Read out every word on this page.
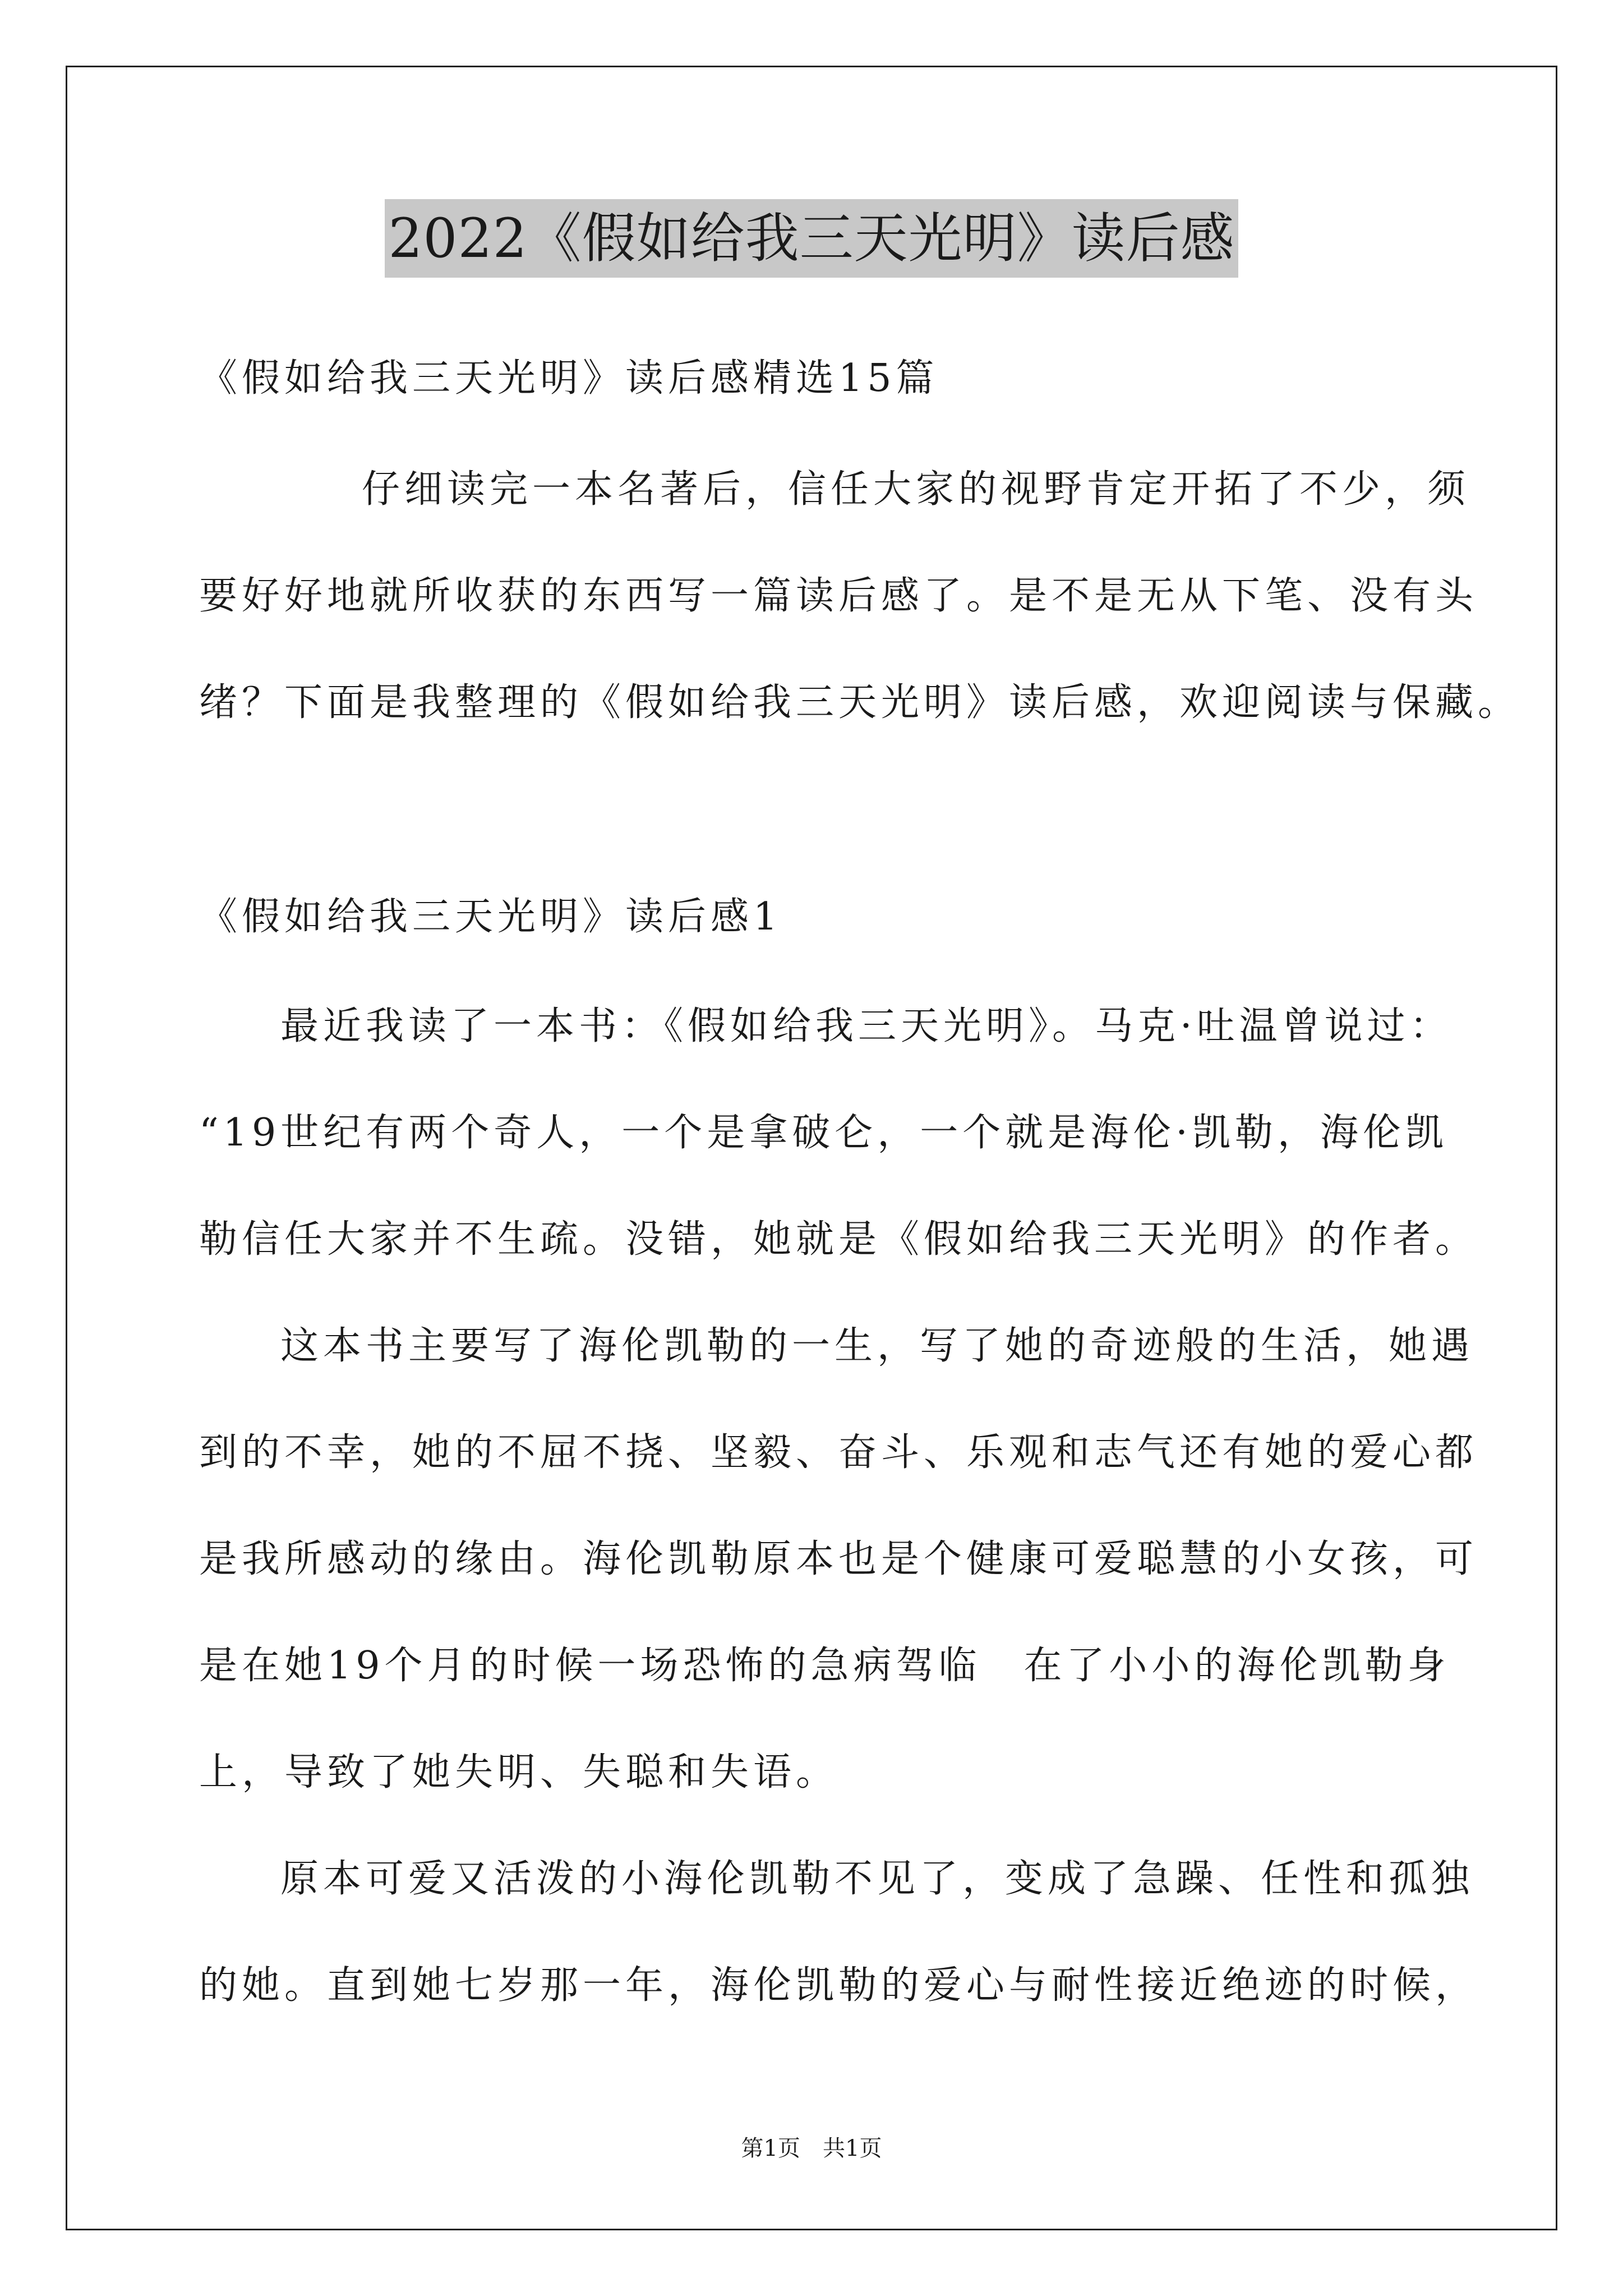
2022《假如给我三天光明》读后感
《假如给我三天光明》读后感精选15篇
仔细读完一本名著后，信任大家的视野肯定开拓了不少，须
要好好地就所收获的东西写一篇读后感了。是不是无从下笔、没有头
绪？下面是我整理的《假如给我三天光明》读后感，欢迎阅读与保藏。
《假如给我三天光明》读后感1
最近我读了一本书：《假如给我三天光明》。马克·吐温曾说过：
“19世纪有两个奇人，一个是拿破仑，一个就是海伦·凯勒，海伦凯
勒信任大家并不生疏。没错，她就是《假如给我三天光明》的作者。
这本书主要写了海伦凯勒的一生，写了她的奇迹般的生活，她遇
到的不幸，她的不屈不挠、坚毅、奋斗、乐观和志气还有她的爱心都
是我所感动的缘由。海伦凯勒原本也是个健康可爱聪慧的小女孩，可
是在她19个月的时候一场恐怖的急病驾临　在了小小的海伦凯勒身
上，导致了她失明、失聪和失语。
原本可爱又活泼的小海伦凯勒不见了，变成了急躁、任性和孤独
的她。直到她七岁那一年，海伦凯勒的爱心与耐性接近绝迹的时候，
第1页 共1页
